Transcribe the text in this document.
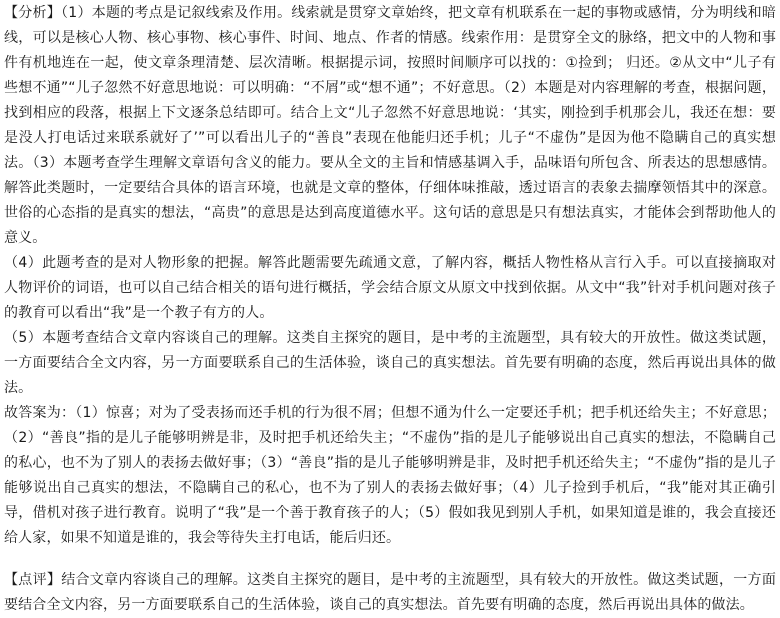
【分析】（1）本题的考点是记叙线索及作用。线索就是贯穿文章始终，把文章有机联系在一起的事物或感情，分为明线和暗线，可以是核心人物、核心事物、核心事件、时间、地点、作者的情感。线索作用：是贯穿全文的脉络，把文中的人物和事件有机地连在一起，使文章条理清楚、层次清晰。根据提示词，按照时间顺序可以找的：①捡到； 归还。②从文中“儿子有些想不通”“儿子忽然不好意思地说：可以明确：“不屑”或“想不通”；不好意思。（2）本题是对内容理解的考查，根据问题，找到相应的段落，根据上下文逐条总结即可。结合上文“儿子忽然不好意思地说：‘其实，刚捡到手机那会儿，我还在想：要是没人打电话过来联系就好了’”可以看出儿子的“善良”表现在他能归还手机；儿子“不虚伪”是因为他不隐瞒自己的真实想法。（3）本题考查学生理解文章语句含义的能力。要从全文的主旨和情感基调入手，品味语句所包含、所表达的思想感情。解答此类题时，一定要结合具体的语言环境，也就是文章的整体，仔细体味推敲，透过语言的表象去揣摩领悟其中的深意。世俗的心态指的是真实的想法，“高贵”的意思是达到高度道德水平。这句话的意思是只有想法真实，才能体会到帮助他人的意义。

（4）此题考查的是对人物形象的把握。解答此题需要先疏通文意，了解内容，概括人物性格从言行入手。可以直接摘取对人物评价的词语，也可以自己结合相关的语句进行概括，学会结合原文从原文中找到依据。从文中“我”针对手机问题对孩子的教育可以看出“我”是一个教子有方的人。

（5）本题考查结合文章内容谈自己的理解。这类自主探究的题目，是中考的主流题型，具有较大的开放性。做这类试题，一方面要结合全文内容，另一方面要联系自己的生活体验，谈自己的真实想法。首先要有明确的态度，然后再说出具体的做法。

故答案为：（1）惊喜；对为了受表扬而还手机的行为很不屑；但想不通为什么一定要还手机；把手机还给失主；不好意思；（2）“善良”指的是儿子能够明辨是非，及时把手机还给失主；“不虚伪”指的是儿子能够说出自己真实的想法，不隐瞒自己的私心，也不为了别人的表扬去做好事；（3）“善良”指的是儿子能够明辨是非，及时把手机还给失主；“不虚伪”指的是儿子能够说出自己真实的想法，不隐瞒自己的私心，也不为了别人的表扬去做好事；（4）儿子捡到手机后，“我”能对其正确引导，借机对孩子进行教育。说明了“我”是一个善于教育孩子的人；（5）假如我见到别人手机，如果知道是谁的，我会直接还给人家，如果不知道是谁的，我会等待失主打电话，能后归还。

【点评】结合文章内容谈自己的理解。这类自主探究的题目，是中考的主流题型，具有较大的开放性。做这类试题，一方面要结合全文内容，另一方面要联系自己的生活体验，谈自己的真实想法。首先要有明确的态度，然后再说出具体的做法。
